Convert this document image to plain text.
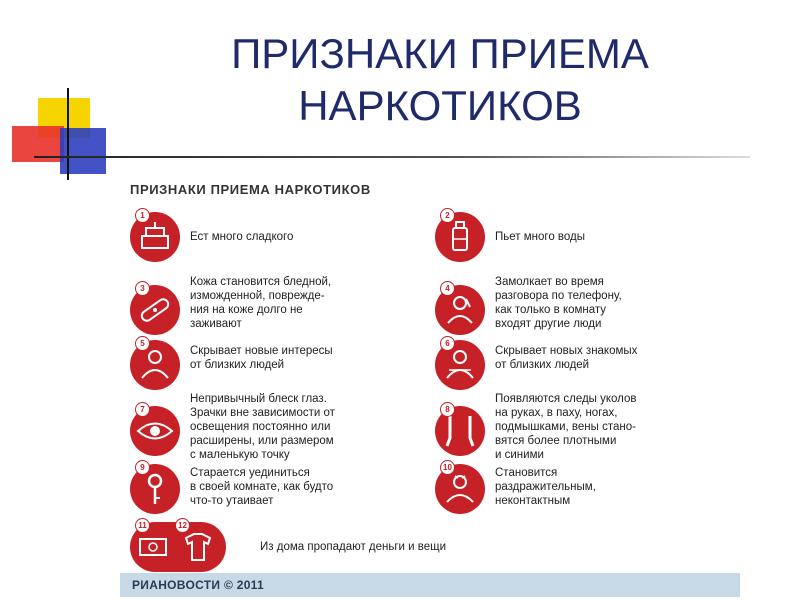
ПРИЗНАКИ ПРИЕМА
НАРКОТИКОВ
ПРИЗНАКИ ПРИЕМА НАРКОТИКОВ
1
Ест много сладкого
2
Пьет много воды
3
Кожа становится бледной,
изможденной, поврежде-
ния на коже долго не
заживают
4
Замолкает во время
разговора по телефону,
как только в комнату
входят другие люди
5
Скрывает новые интересы
от близких людей
6
Скрывает новых знакомых
от близких людей
7
Непривычный блеск глаз.
Зрачки вне зависимости от
освещения постоянно или
расширены, или размером
с маленькую точку
8
Появляются следы уколов
на руках, в паху, ногах,
подмышками, вены стано-
вятся более плотными
и синими
9	Старается уединиться
в своей комнате, как будто
что-то утаивает
10	Становится
раздражительным,
неконтактным
11	12
Из дома пропадают деньги и вещи
РИАНОВОСТИ © 2011
